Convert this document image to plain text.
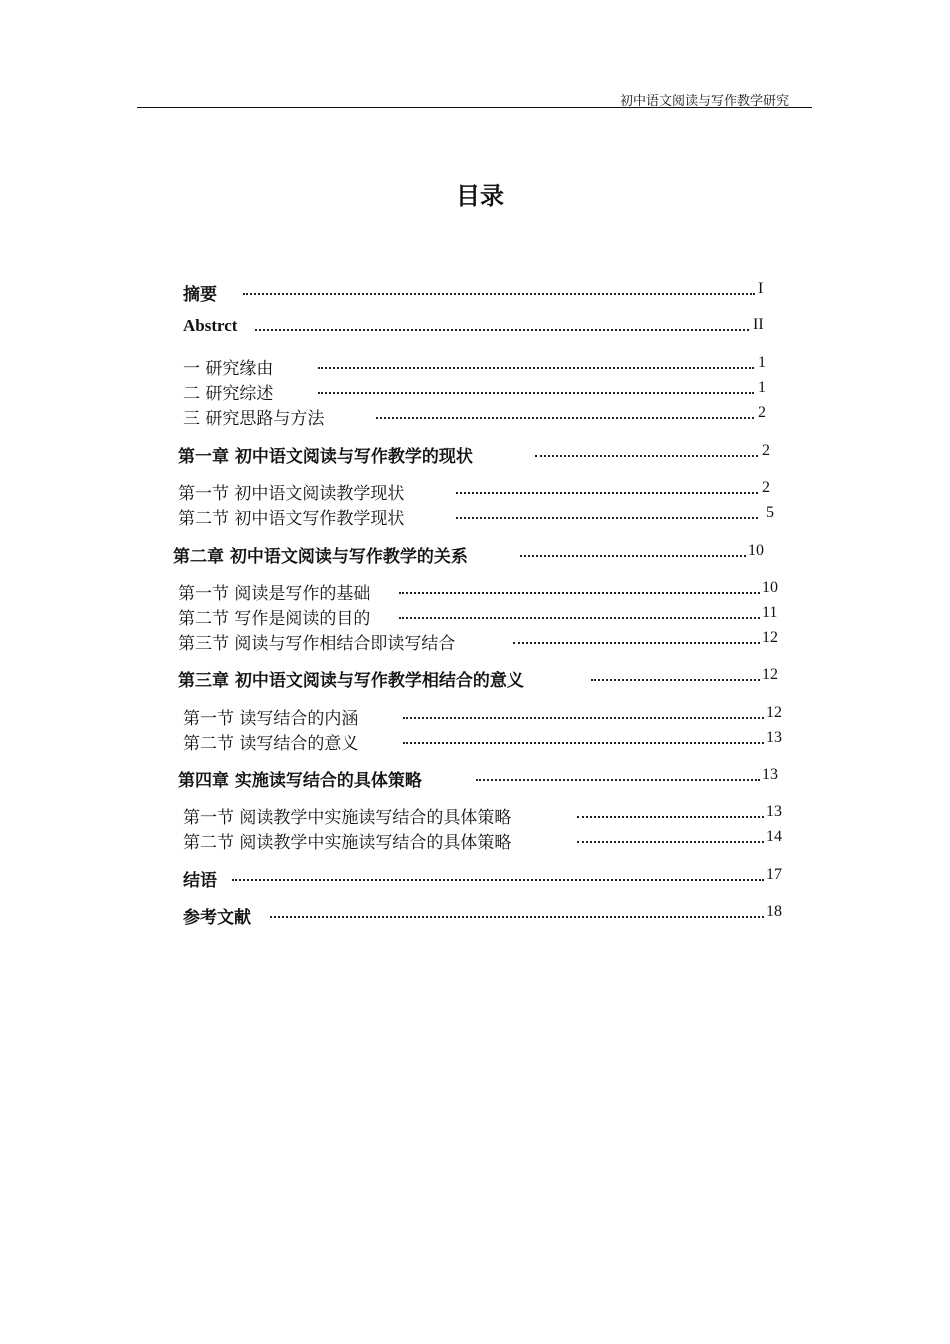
初中语文阅读与写作教学研究
目录
摘要	I
Abstrct	II
一 研究缘由	1
二 研究综述	1
三 研究思路与方法	2
第一章 初中语文阅读与写作教学的现状	2
第一节 初中语文阅读教学现状	2
第二节 初中语文写作教学现状	5
第二章 初中语文阅读与写作教学的关系	10
第一节 阅读是写作的基础	10
第二节 写作是阅读的目的	11
第三节 阅读与写作相结合即读写结合	12
第三章 初中语文阅读与写作教学相结合的意义	12
第一节 读写结合的内涵	12
第二节 读写结合的意义	13
第四章 实施读写结合的具体策略	13
第一节 阅读教学中实施读写结合的具体策略	13
第二节 阅读教学中实施读写结合的具体策略	14
结语	17
参考文献	18
